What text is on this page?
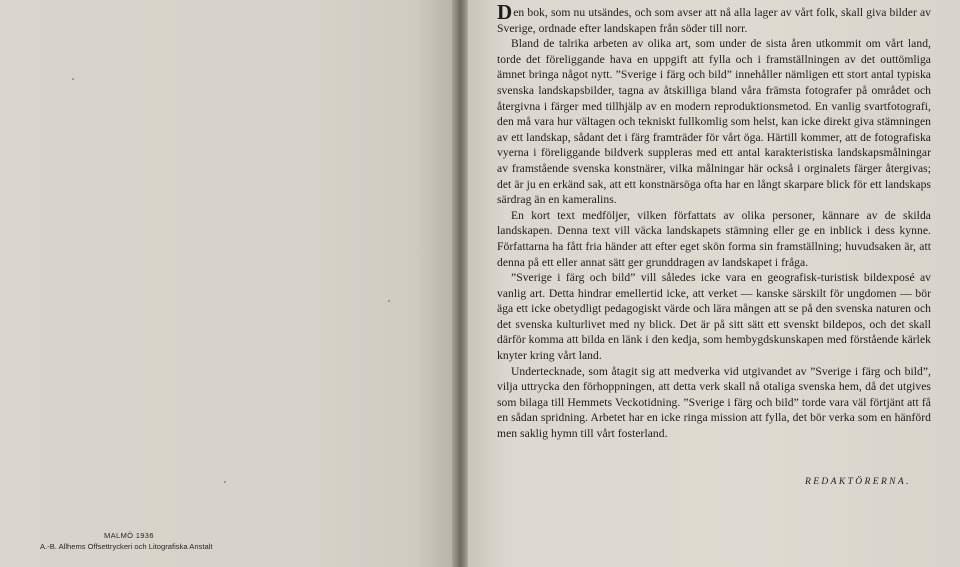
MALMÖ 1936
A.-B. Allhems Offsettryckeri och Litografiska Anstalt

Den bok, som nu utsändes, och som avser att nå alla lager av vårt folk, skall giva bilder av Sverige, ordnade efter landskapen från söder till norr.

Bland de talrika arbeten av olika art, som under de sista åren utkommit om vårt land, torde det föreliggande hava en uppgift att fylla och i framställningen av det outtömliga ämnet bringa något nytt. ”Sverige i färg och bild” innehåller nämligen ett stort antal typiska svenska landskapsbilder, tagna av åtskilliga bland våra främsta fotografer på området och återgivna i färger med tillhjälp av en modern reproduktionsmetod. En vanlig svartfotografi, den må vara hur vältagen och tekniskt fullkomlig som helst, kan icke direkt giva stämningen av ett landskap, sådant det i färg framträder för vårt öga. Härtill kommer, att de fotografiska vyerna i föreliggande bildverk suppleras med ett antal karakteristiska landskapsmålningar av framstående svenska konstnärer, vilka målningar här också i orginalets färger återgivas; det är ju en erkänd sak, att ett konstnärsöga ofta har en långt skarpare blick för ett landskaps särdrag än en kameralins.

En kort text medföljer, vilken författats av olika personer, kännare av de skilda landskapen. Denna text vill väcka landskapets stämning eller ge en inblick i dess kynne. Författarna ha fått fria händer att efter eget skön forma sin framställning; huvudsaken är, att denna på ett eller annat sätt ger grunddragen av landskapet i fråga.

”Sverige i färg och bild” vill således icke vara en geografisk-turistisk bildexposé av vanlig art. Detta hindrar emellertid icke, att verket — kanske särskilt för ungdomen — bör äga ett icke obetydligt pedagogiskt värde och lära mången att se på den svenska naturen och det svenska kulturlivet med ny blick. Det är på sitt sätt ett svenskt bildepos, och det skall därför komma att bilda en länk i den kedja, som hembygdskunskapen med förstående kärlek knyter kring vårt land.

Undertecknade, som åtagit sig att medverka vid utgivandet av ”Sverige i färg och bild”, vilja uttrycka den förhoppningen, att detta verk skall nå otaliga svenska hem, då det utgives som bilaga till Hemmets Veckotidning. ”Sverige i färg och bild” torde vara väl förtjänt att få en sådan spridning. Arbetet har en icke ringa mission att fylla, det bör verka som en hänförd men saklig hymn till vårt fosterland.

REDAKTÖRERNA.
